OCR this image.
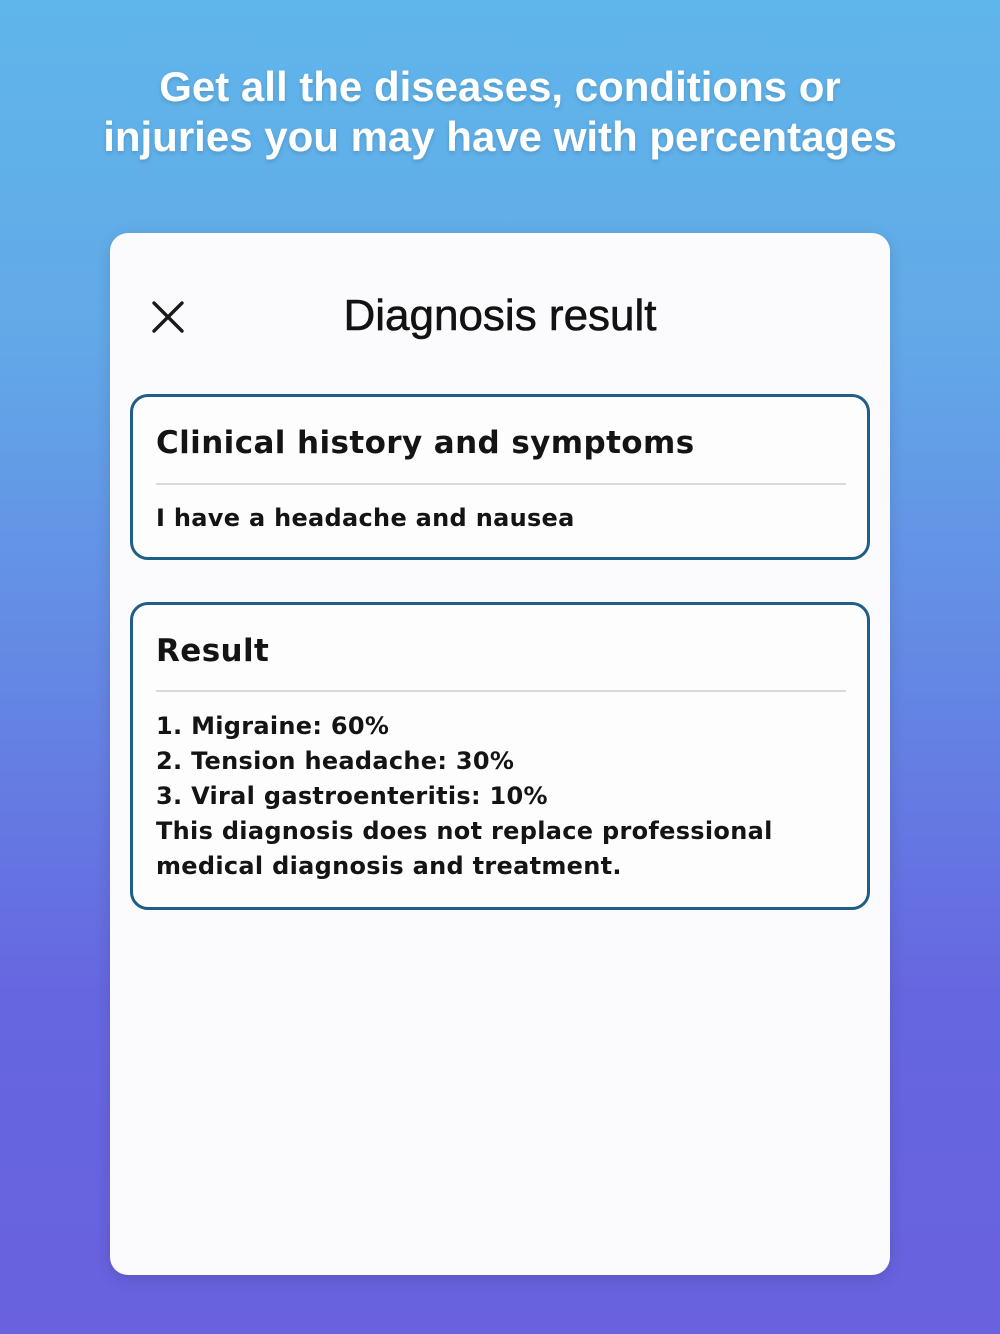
Get all the diseases, conditions or
injuries you may have with percentages
Diagnosis result
Clinical history and symptoms
I have a headache and nausea
Result
1. Migraine: 60%
2. Tension headache: 30%
3. Viral gastroenteritis: 10%
This diagnosis does not replace professional
medical diagnosis and treatment.
